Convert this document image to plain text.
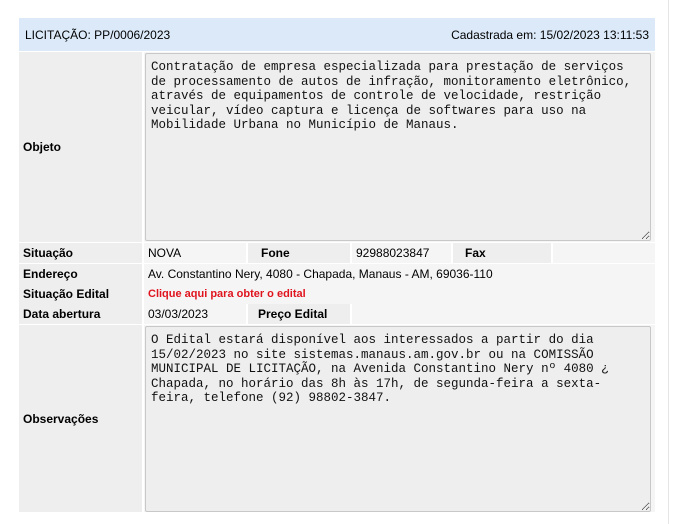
LICITAÇÃO: PP/0006/2023	Cadastrada em: 15/02/2023 13:11:53
Objeto
Contratação de empresa especializada para prestação de serviços de processamento de autos de infração, monitoramento eletrônico, através de equipamentos de controle de velocidade, restrição veicular, vídeo captura e licença de softwares para uso na Mobilidade Urbana no Município de Manaus.
Situação	NOVA	Fone	92988023847	Fax
Endereço	Av. Constantino Nery, 4080 - Chapada, Manaus - AM, 69036-110
Situação Edital	Clique aqui para obter o edital
Data abertura	03/03/2023	Preço Edital
Observações
O Edital estará disponível aos interessados a partir do dia 15/02/2023 no site sistemas.manaus.am.gov.br ou na COMISSÃO MUNICIPAL DE LICITAÇÃO, na Avenida Constantino Nery nº 4080 ¿ Chapada, no horário das 8h às 17h, de segunda-feira a sexta-feira, telefone (92) 98802-3847.
